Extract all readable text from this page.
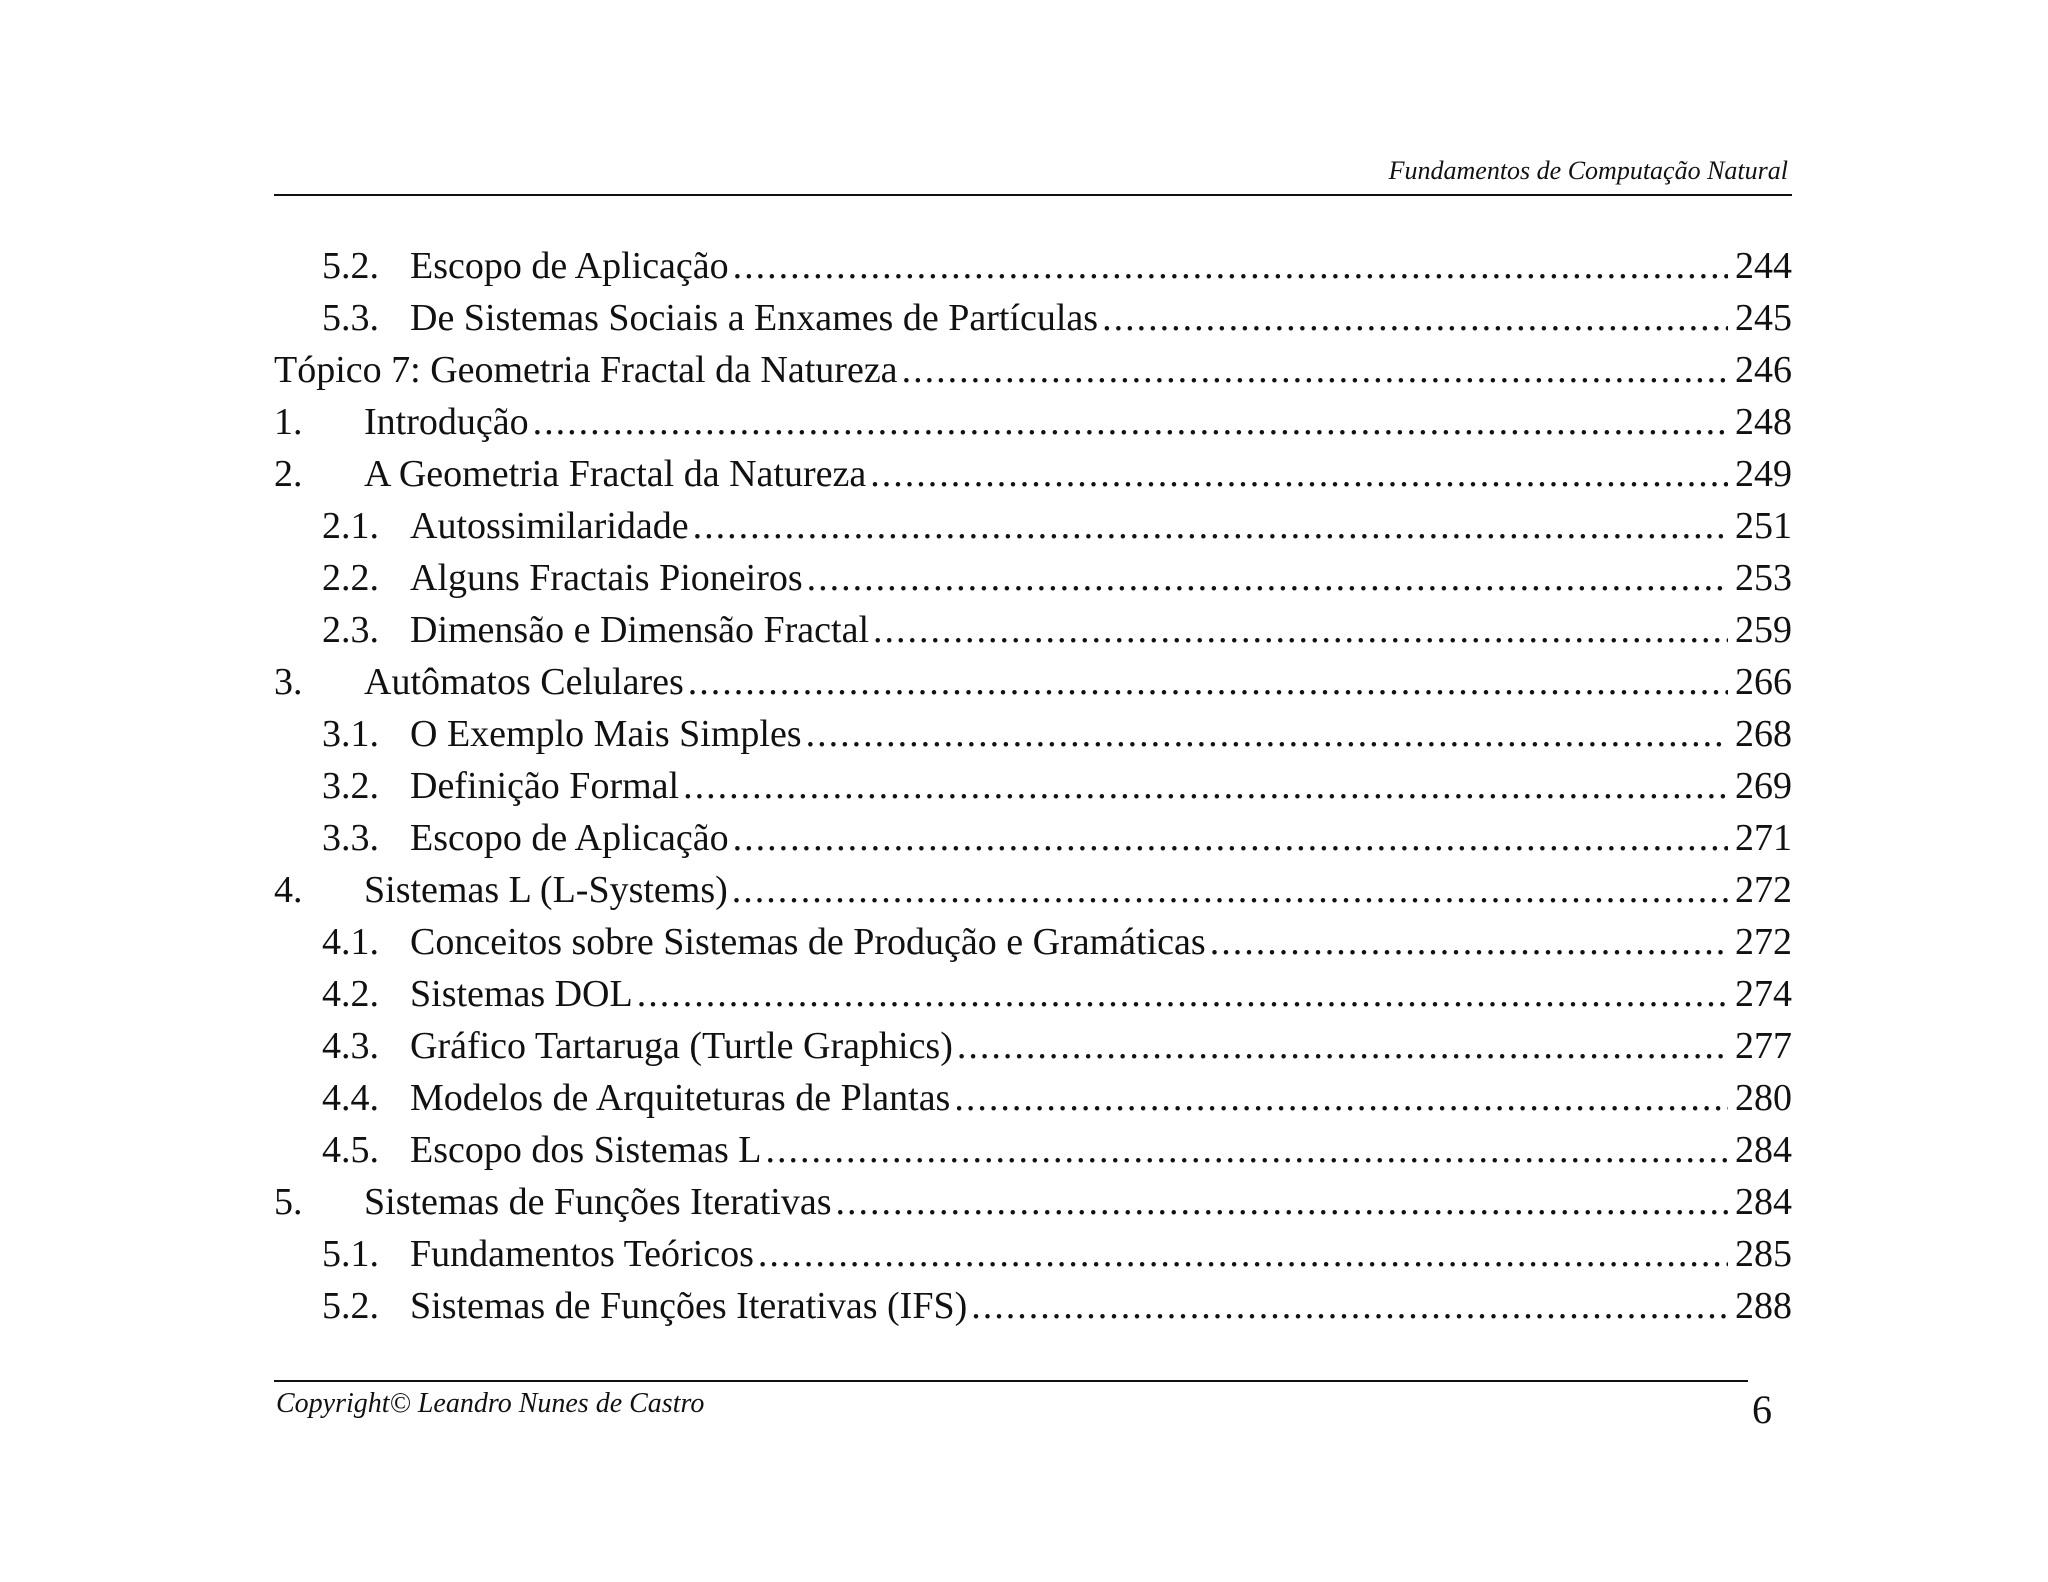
Fundamentos de Computação Natural
5.2. Escopo de Aplicação .....	244
5.3. De Sistemas Sociais a Enxames de Partículas .....	245
Tópico 7: Geometria Fractal da Natureza .....	246
1.	Introdução .....	248
2.	A Geometria Fractal da Natureza .....	249
2.1. Autossimilaridade .....	251
2.2. Alguns Fractais Pioneiros .....	253
2.3. Dimensão e Dimensão Fractal .....	259
3.	Autômatos Celulares .....	266
3.1. O Exemplo Mais Simples .....	268
3.2. Definição Formal .....	269
3.3. Escopo de Aplicação .....	271
4.	Sistemas L (L-Systems) .....	272
4.1. Conceitos sobre Sistemas de Produção e Gramáticas .....	272
4.2. Sistemas DOL .....	274
4.3. Gráfico Tartaruga (Turtle Graphics) .....	277
4.4. Modelos de Arquiteturas de Plantas .....	280
4.5. Escopo dos Sistemas L .....	284
5.	Sistemas de Funções Iterativas .....	284
5.1. Fundamentos Teóricos .....	285
5.2. Sistemas de Funções Iterativas (IFS) .....	288
Copyright© Leandro Nunes de Castro	6
